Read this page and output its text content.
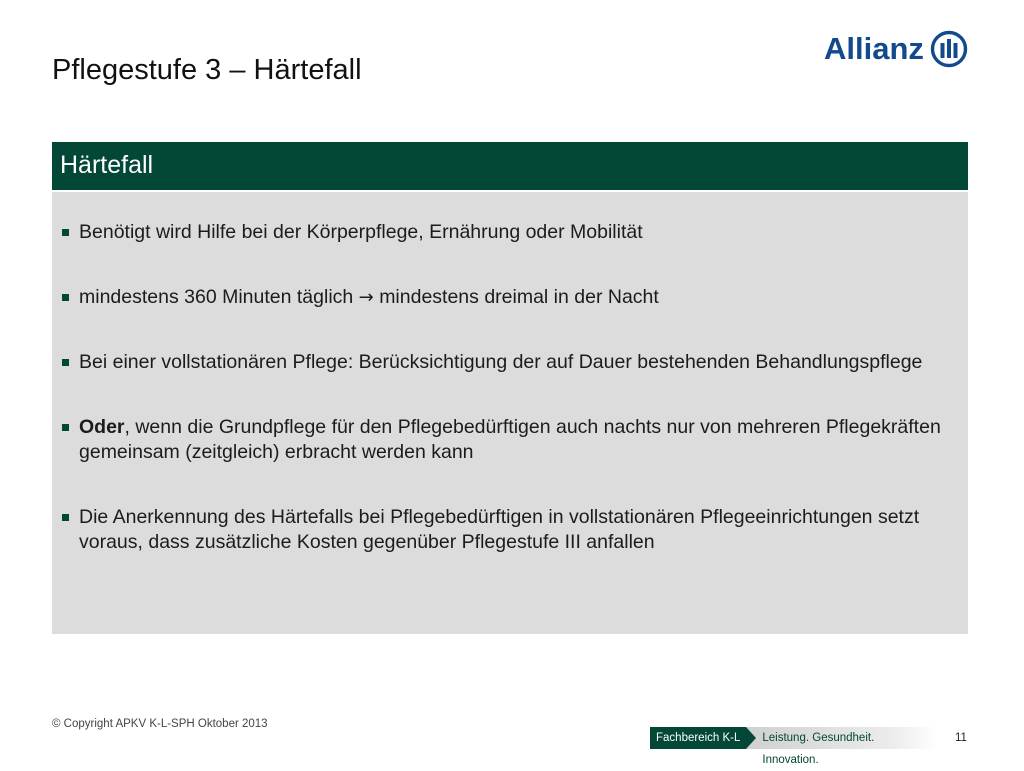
Pflegestufe 3 – Härtefall
Allianz
Härtefall
Benötigt wird Hilfe bei der Körperpflege, Ernährung oder Mobilität
mindestens 360 Minuten täglich → mindestens dreimal in der Nacht
Bei einer vollstationären Pflege: Berücksichtigung der auf Dauer bestehenden Behandlungspflege
Oder, wenn die Grundpflege für den Pflegebedürftigen auch nachts nur von mehreren Pflegekräften gemeinsam (zeitgleich) erbracht werden kann
Die Anerkennung des Härtefalls bei Pflegebedürftigen in vollstationären Pflegeeinrichtungen setzt voraus, dass zusätzliche Kosten gegenüber Pflegestufe III anfallen
© Copyright APKV K-L-SPH Oktober 2013
Fachbereich K-L	Leistung. Gesundheit. Innovation.
11
